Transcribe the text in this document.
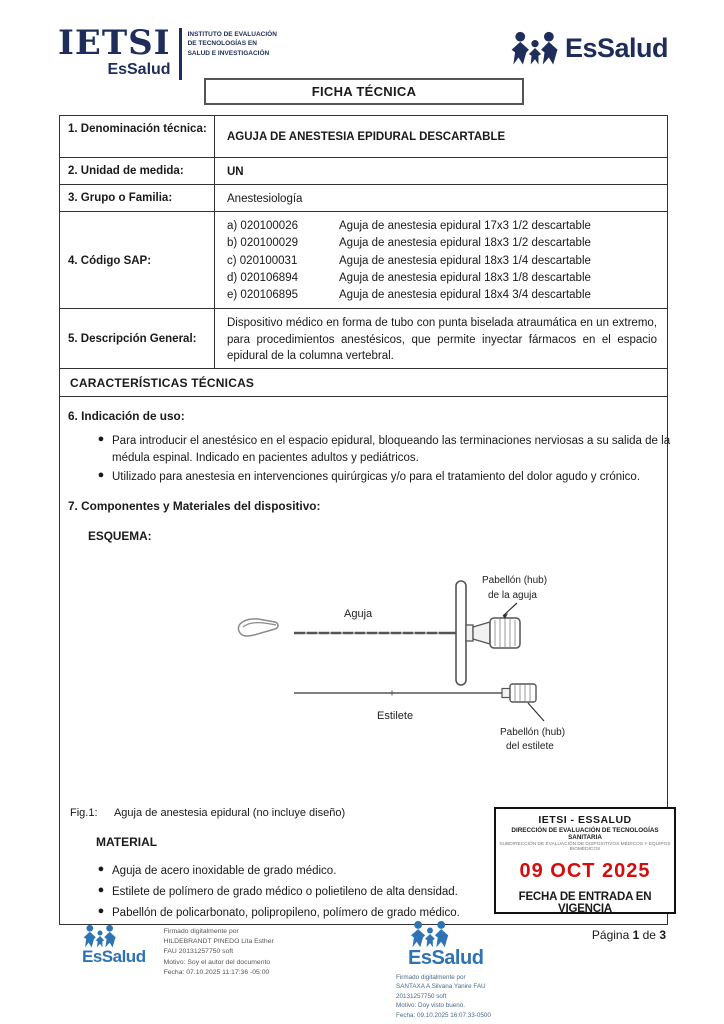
IETSI
EsSalud
INSTITUTO DE EVALUACIÓN DE TECNOLOGÍAS EN SALUD E INVESTIGACIÓN	EsSalud
FICHA TÉCNICA
1. Denominación técnica:
AGUJA DE ANESTESIA EPIDURAL DESCARTABLE
2. Unidad de medida:	UN
3. Grupo o Familia:	Anestesiología
4. Código SAP:
a) 020100026	Aguja de anestesia epidural 17x3 1/2 descartable
b) 020100029	Aguja de anestesia epidural 18x3 1/2 descartable
c) 020100031	Aguja de anestesia epidural 18x3 1/4 descartable
d) 020106894	Aguja de anestesia epidural 18x3 1/8 descartable
e) 020106895	Aguja de anestesia epidural 18x4 3/4 descartable
5. Descripción General:
Dispositivo médico en forma de tubo con punta biselada atraumática en un extremo, para procedimientos anestésicos, que permite inyectar fármacos en el espacio epidural de la columna vertebral.
CARACTERÍSTICAS TÉCNICAS
6. Indicación de uso:
● Para introducir el anestésico en el espacio epidural, bloqueando las terminaciones nerviosas a su salida de la médula espinal. Indicado en pacientes adultos y pediátricos.
● Utilizado para anestesia en intervenciones quirúrgicas y/o para el tratamiento del dolor agudo y crónico.
7. Componentes y Materiales del dispositivo:
ESQUEMA:
Aguja
Pabellón (hub)
de la aguja
Estilete
Pabellón (hub)
del estilete
Fig.1: Aguja de anestesia epidural (no incluye diseño)
MATERIAL
● Aguja de acero inoxidable de grado médico.
● Estilete de polímero de grado médico o polietileno de alta densidad.
● Pabellón de policarbonato, polipropileno, polímero de grado médico.
IETSI - ESSALUD
DIRECCIÓN DE EVALUACIÓN DE TECNOLOGÍAS SANITARIA
SUBDIRECCIÓN DE EVALUACIÓN DE DISPOSITIVOS MÉDICOS Y EQUIPOS BIOMÉDICOS
09 OCT 2025
FECHA DE ENTRADA EN VIGENCIA
EsSalud
Firmado digitalmente por
HILDEBRANDT PINEDO Lita Esther
FAU 20131257750 soft
Motivo: Soy el autor del documento
Fecha: 07.10.2025 11:17:36 -05:00
EsSalud
Firmado digitalmente por
SANTAXA A Silvana Yanire FAU
20131257750 soft
Motivo: Doy visto bueno.
Fecha: 09.10.2025 16:07:33-0500
Página 1 de 3
